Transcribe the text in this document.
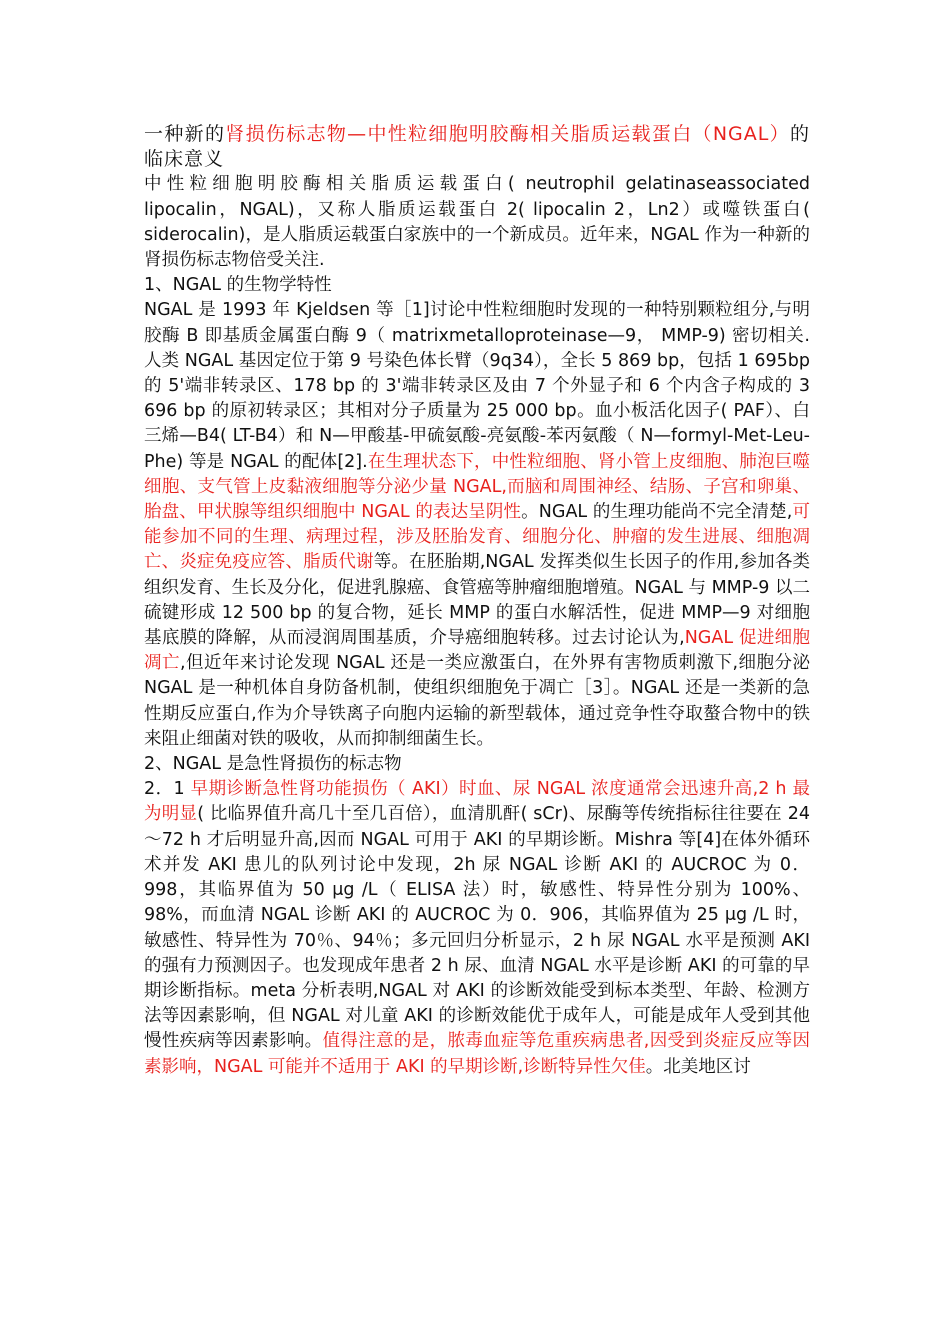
一种新的肾损伤标志物—中性粒细胞明胶酶相关脂质运载蛋白（NGAL）的临床意义

中性粒细胞明胶酶相关脂质运载蛋白( neutrophil gelatinaseassociated lipocalin，NGAL)，又称人脂质运载蛋白 2( lipocalin 2，Ln2）或噬铁蛋白( siderocalin)，是人脂质运载蛋白家族中的一个新成员。近年来，NGAL 作为一种新的肾损伤标志物倍受关注.

1、NGAL 的生物学特性

NGAL 是 1993 年 Kjeldsen 等［1]讨论中性粒细胞时发现的一种特别颗粒组分,与明胶酶 B 即基质金属蛋白酶 9（ matrixmetalloproteinase—9， MMP-9) 密切相关.人类 NGAL 基因定位于第 9 号染色体长臂（9q34），全长 5 869 bp，包括 1 695bp 的 5'端非转录区、178 bp 的 3'端非转录区及由 7 个外显子和 6 个内含子构成的 3 696 bp 的原初转录区；其相对分子质量为 25 000 bp。血小板活化因子( PAF）、白三烯—B4( LT-B4）和 N—甲酸基-甲硫氨酸-亮氨酸-苯丙氨酸（ N—formyl-Met-Leu-Phe) 等是 NGAL 的配体[2].在生理状态下，中性粒细胞、肾小管上皮细胞、肺泡巨噬细胞、支气管上皮黏液细胞等分泌少量 NGAL,而脑和周围神经、结肠、子宫和卵巢、胎盘、甲状腺等组织细胞中 NGAL 的表达呈阴性。NGAL 的生理功能尚不完全清楚,可能参加不同的生理、病理过程，涉及胚胎发育、细胞分化、肿瘤的发生进展、细胞凋亡、炎症免疫应答、脂质代谢等。在胚胎期,NGAL 发挥类似生长因子的作用,参加各类组织发育、生长及分化，促进乳腺癌、食管癌等肿瘤细胞增殖。NGAL 与 MMP-9 以二硫键形成 12 500 bp 的复合物，延长 MMP 的蛋白水解活性，促进 MMP—9 对细胞基底膜的降解，从而浸润周围基质，介导癌细胞转移。过去讨论认为,NGAL 促进细胞凋亡,但近年来讨论发现 NGAL 还是一类应激蛋白，在外界有害物质刺激下,细胞分泌 NGAL 是一种机体自身防备机制，使组织细胞免于凋亡［3］。NGAL 还是一类新的急性期反应蛋白,作为介导铁离子向胞内运输的新型载体，通过竞争性夺取螯合物中的铁来阻止细菌对铁的吸收，从而抑制细菌生长。

2、NGAL 是急性肾损伤的标志物

2．1 早期诊断急性肾功能损伤（ AKI）时血、尿 NGAL 浓度通常会迅速升高,2 h 最为明显( 比临界值升高几十至几百倍），血清肌酐( sCr)、尿酶等传统指标往往要在 24 ～72 h 才后明显升高,因而 NGAL 可用于 AKI 的早期诊断。Mishra 等[4]在体外循环术并发 AKI 患儿的队列讨论中发现，2h 尿 NGAL 诊断 AKI 的 AUCROC 为 0．998，其临界值为 50 μg /L（ ELISA 法）时，敏感性、特异性分别为 100%、98%，而血清 NGAL 诊断 AKI 的 AUCROC 为 0．906，其临界值为 25 μg /L 时，敏感性、特异性为 70％、94％；多元回归分析显示，2 h 尿 NGAL 水平是预测 AKI 的强有力预测因子。也发现成年患者 2 h 尿、血清 NGAL 水平是诊断 AKI 的可靠的早期诊断指标。meta 分析表明,NGAL 对 AKI 的诊断效能受到标本类型、年龄、检测方法等因素影响，但 NGAL 对儿童 AKI 的诊断效能优于成年人，可能是成年人受到其他慢性疾病等因素影响。值得注意的是，脓毒血症等危重疾病患者,因受到炎症反应等因素影响，NGAL 可能并不适用于 AKI 的早期诊断,诊断特异性欠佳。北美地区讨
